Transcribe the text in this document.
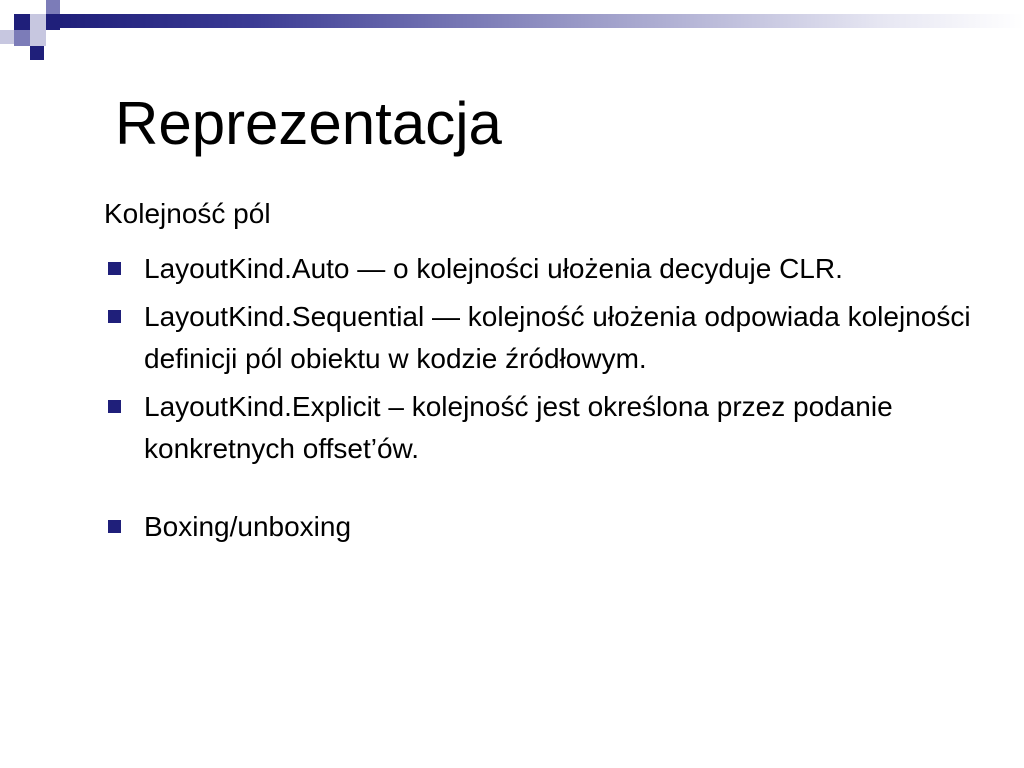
Reprezentacja
Kolejność pól
LayoutKind.Auto — o kolejności ułożenia decyduje CLR.
LayoutKind.Sequential — kolejność ułożenia odpowiada kolejności definicji pól obiektu w kodzie źródłowym.
LayoutKind.Explicit – kolejność jest określona przez podanie konkretnych offset’ów.
Boxing/unboxing
